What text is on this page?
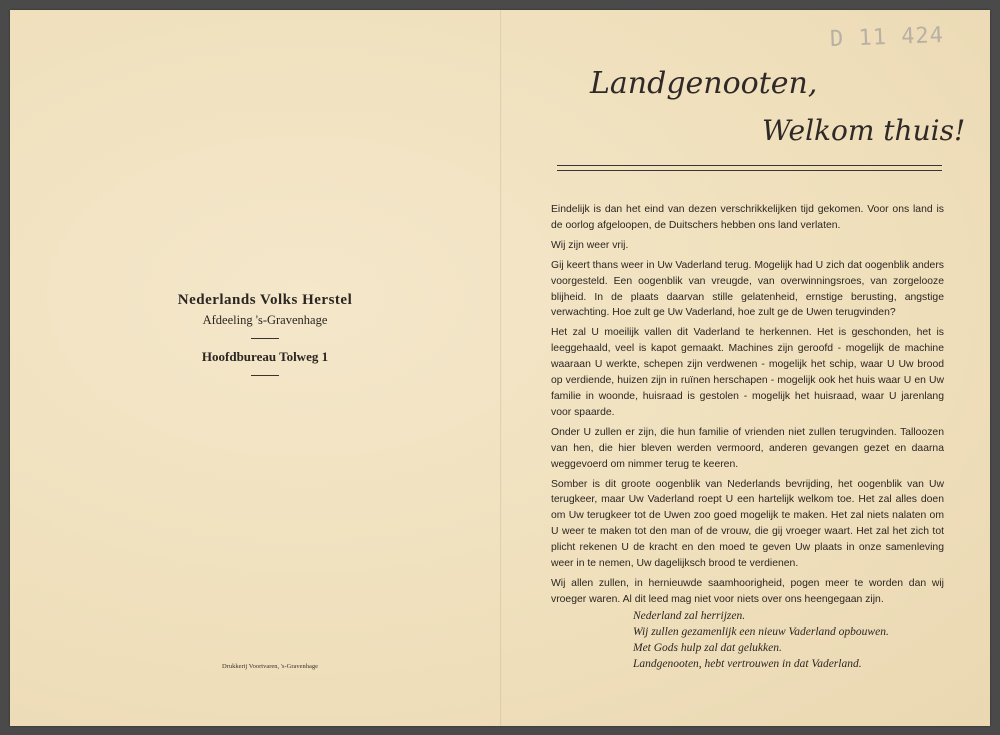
D 11 424
Nederlands Volks Herstel
Afdeeling 's-Gravenhage
Hoofdbureau Tolweg 1
Drukkerij Voortvaren, 's-Gravenhage
Landgenooten,
Welkom thuis!

Eindelijk is dan het eind van dezen verschrikkelijken tijd gekomen. Voor ons land is de oorlog afgeloopen, de Duitschers hebben ons land verlaten.

Wij zijn weer vrij.

Gij keert thans weer in Uw Vaderland terug. Mogelijk had U zich dat oogenblik anders voorgesteld. Een oogenblik van vreugde, van overwinningsroes, van zorgelooze blijheid. In de plaats daarvan stille gelatenheid, ernstige berusting, angstige verwachting. Hoe zult ge Uw Vaderland, hoe zult ge de Uwen terugvinden?

Het zal U moeilijk vallen dit Vaderland te herkennen. Het is geschonden, het is leeggehaald, veel is kapot gemaakt. Machines zijn geroofd - mogelijk de machine waaraan U werkte, schepen zijn verdwenen - mogelijk het schip, waar U Uw brood op verdiende, huizen zijn in ruïnen herschapen - mogelijk ook het huis waar U en Uw familie in woonde, huisraad is gestolen - mogelijk het huisraad, waar U jarenlang voor spaarde.

Onder U zullen er zijn, die hun familie of vrienden niet zullen terugvinden. Talloozen van hen, die hier bleven werden vermoord, anderen gevangen gezet en daarna weggevoerd om nimmer terug te keeren.

Somber is dit groote oogenblik van Nederlands bevrijding, het oogenblik van Uw terugkeer, maar Uw Vaderland roept U een hartelijk welkom toe. Het zal alles doen om Uw terugkeer tot de Uwen zoo goed mogelijk te maken. Het zal niets nalaten om U weer te maken tot den man of de vrouw, die gij vroeger waart. Het zal het zich tot plicht rekenen U de kracht en den moed te geven Uw plaats in onze samenleving weer in te nemen, Uw dagelijksch brood te verdienen.

Wij allen zullen, in hernieuwde saamhoorigheid, pogen meer te worden dan wij vroeger waren. Al dit leed mag niet voor niets over ons heengegaan zijn.

Nederland zal herrijzen.
Wij zullen gezamenlijk een nieuw Vaderland opbouwen.
Met Gods hulp zal dat gelukken.
Landgenooten, hebt vertrouwen in dat Vaderland.
